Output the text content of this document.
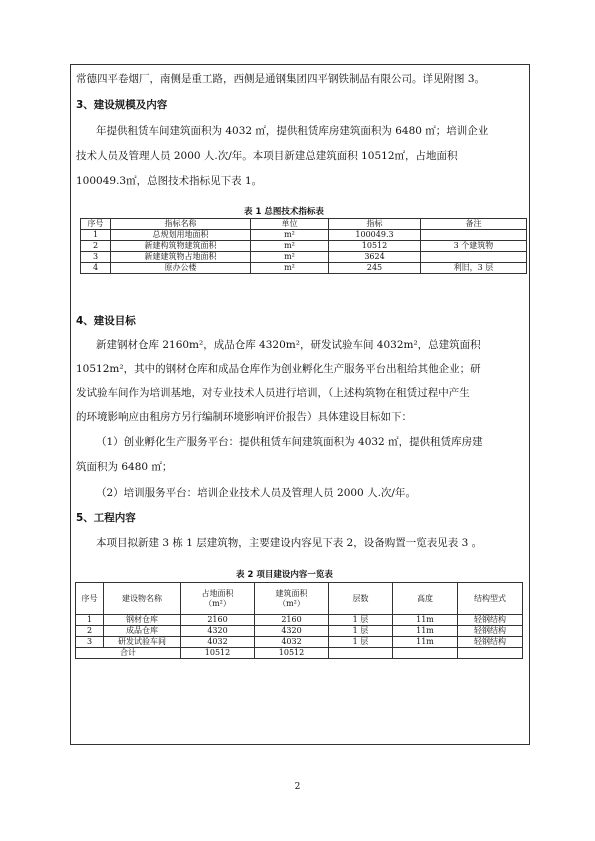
常德四平卷烟厂，南侧是重工路，西侧是通钢集团四平钢铁制品有限公司。详见附图 3。
3、建设规模及内容
年提供租赁车间建筑面积为 4032 ㎡，提供租赁库房建筑面积为 6480 ㎡；培训企业
技术人员及管理人员 2000 人.次/年。本项目新建总建筑面积 10512㎡，占地面积
100049.3㎡，总图技术指标见下表 1。
表 1 总图技术指标表
序号	指标名称	单位	指标	备注
1	总规划用地面积	m²	100049.3	
2	新建构筑物建筑面积	m²	10512	3 个建筑物
3	新建建筑物占地面积	m²	3624	
4	原办公楼	m²	245	利旧，3 层
4、建设目标
新建钢材仓库 2160m²，成品仓库 4320m²，研发试验车间 4032m²，总建筑面积
10512m²，其中的钢材仓库和成品仓库作为创业孵化生产服务平台出租给其他企业；研
发试验车间作为培训基地，对专业技术人员进行培训，（上述构筑物在租赁过程中产生
的环境影响应由租房方另行编制环境影响评价报告）具体建设目标如下：
（1）创业孵化生产服务平台：提供租赁车间建筑面积为 4032 ㎡，提供租赁库房建
筑面积为 6480 ㎡；
（2）培训服务平台：培训企业技术人员及管理人员 2000 人.次/年。
5、工程内容
本项目拟新建 3 栋 1 层建筑物，主要建设内容见下表 2，设备购置一览表见表 3 。
表 2 项目建设内容一览表
序号	建设物名称	占地面积
（m²）	建筑面积
（m²）	层数	高度	结构型式
1	钢材仓库	2160	2160	1 层	11m	轻钢结构
2	成品仓库	4320	4320	1 层	11m	轻钢结构
3	研发试验车间	4032	4032	1 层	11m	轻钢结构
合计		10512	10512			
2
